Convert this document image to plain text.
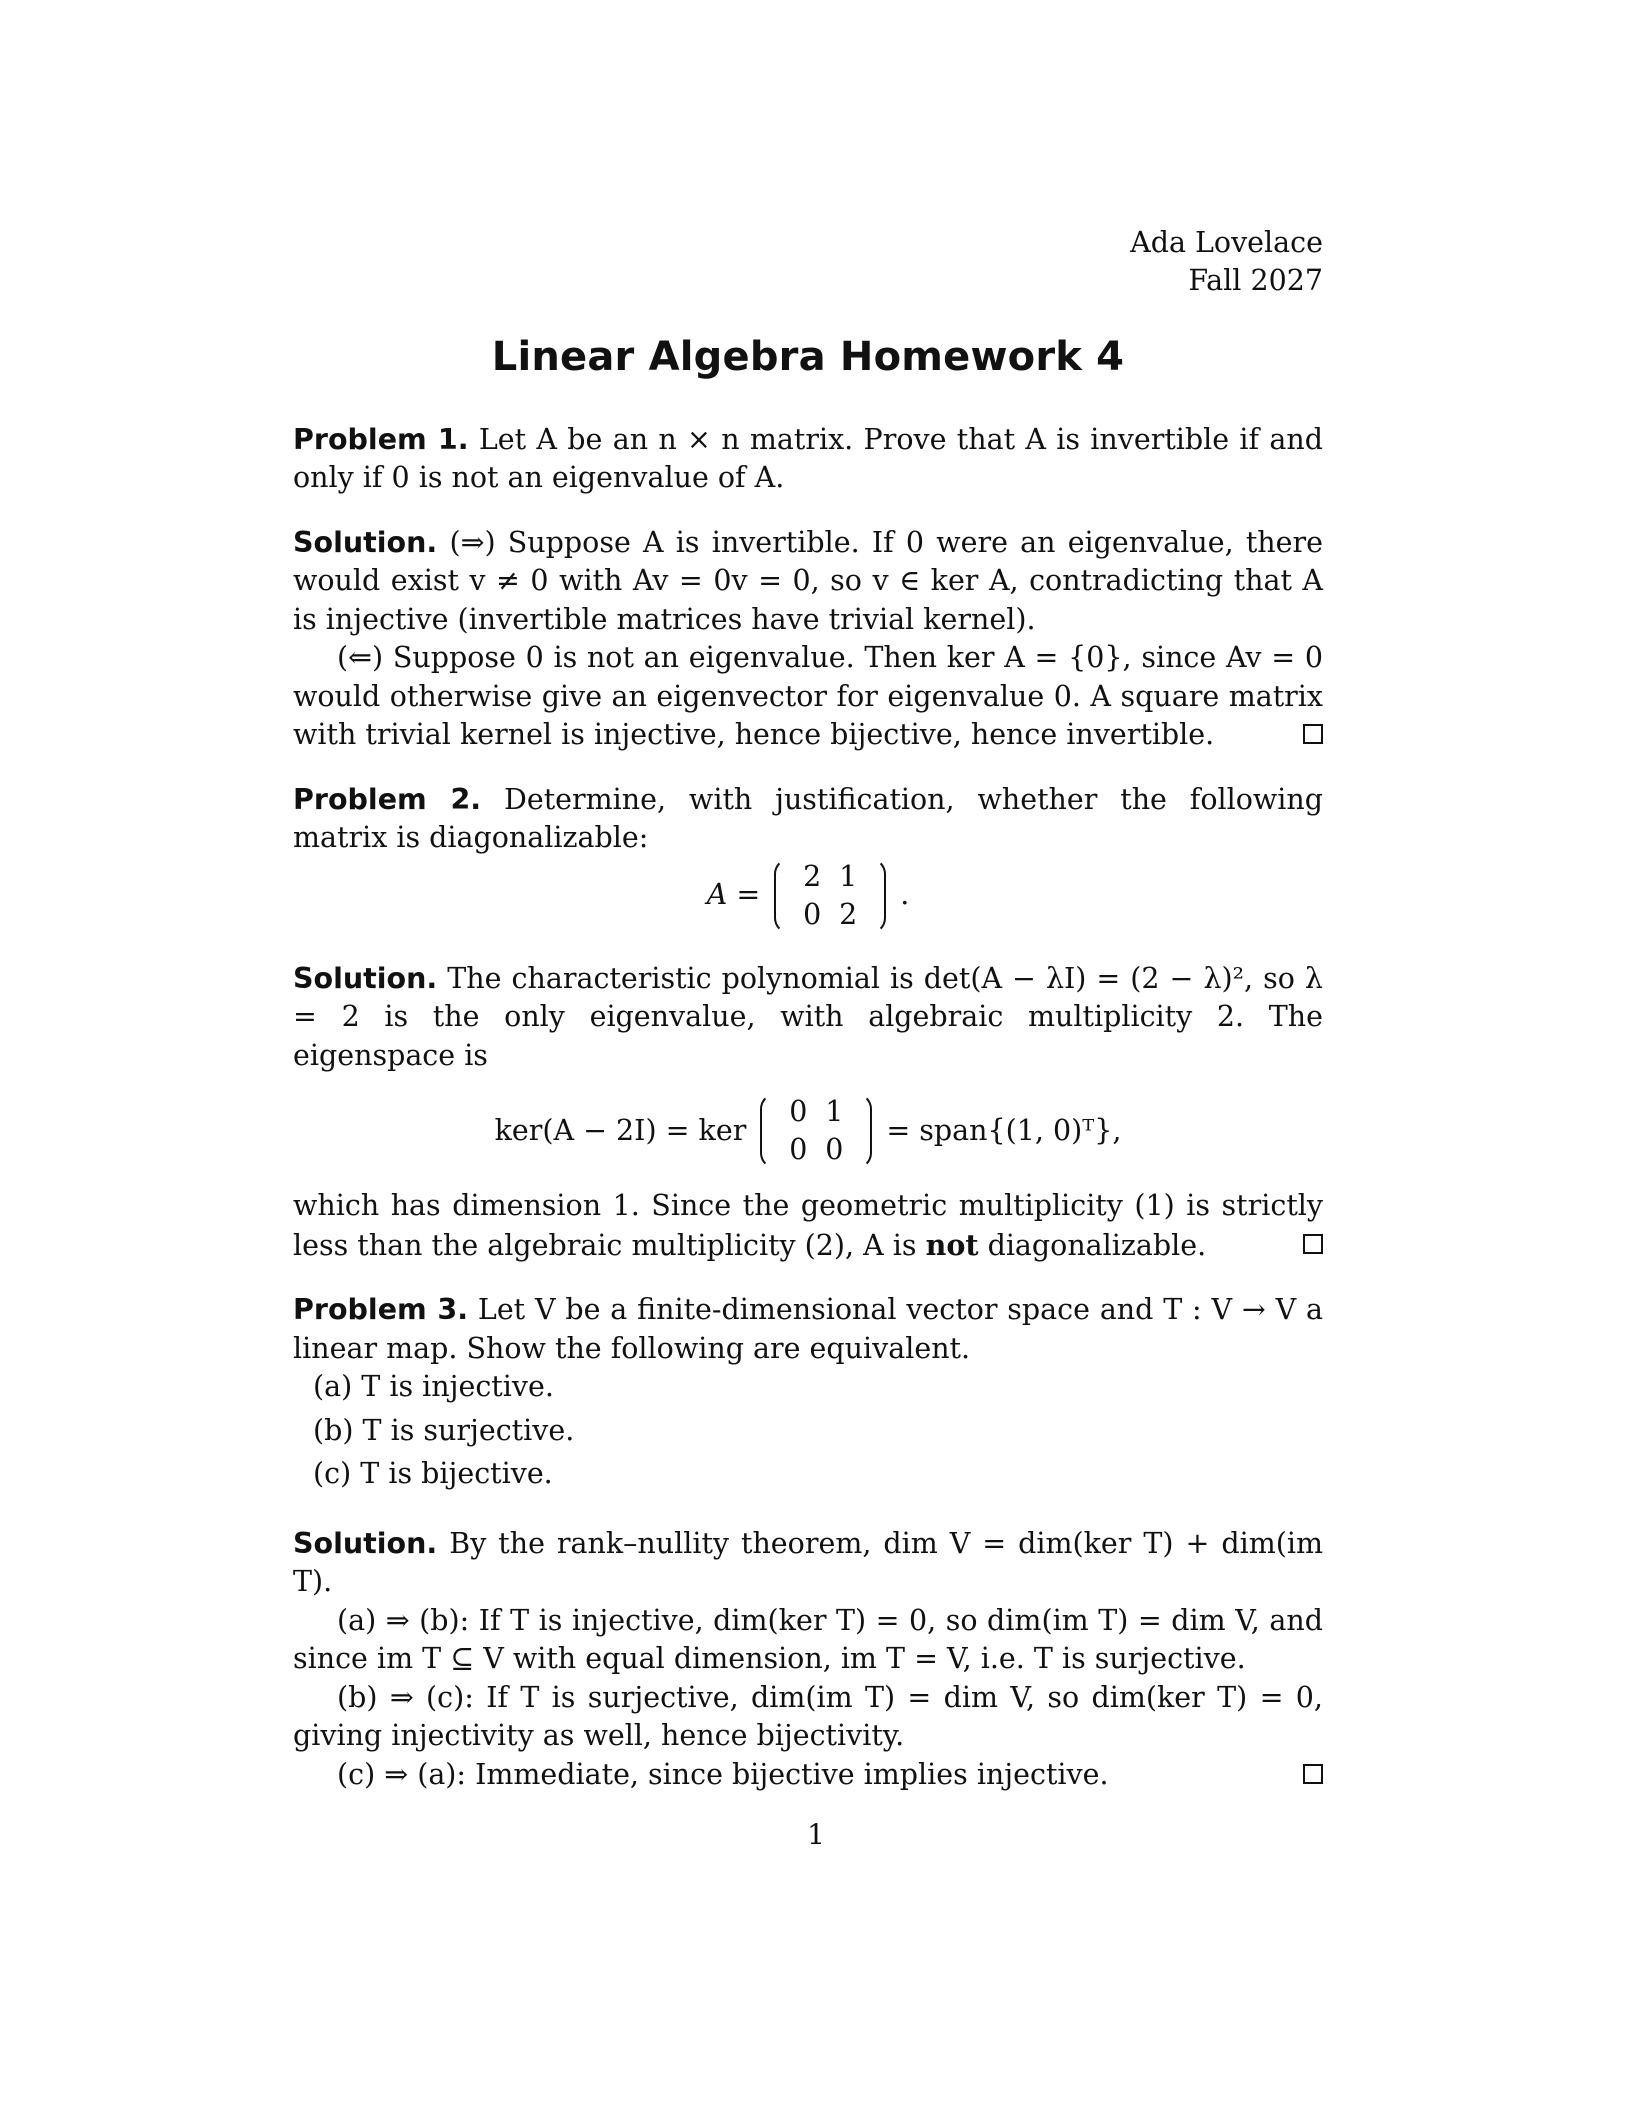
Ada Lovelace
Fall 2027
Linear Algebra Homework 4

Problem 1. Let A be an n × n matrix. Prove that A is invertible if and only if 0 is not an eigenvalue of A.

Solution. (⇒) Suppose A is invertible. If 0 were an eigenvalue, there would exist v ≠ 0 with Av = 0v = 0, so v ∈ ker A, contradicting that A is injective (invertible matrices have trivial kernel).

(⇐) Suppose 0 is not an eigenvalue. Then ker A = {0}, since Av = 0 would otherwise give an eigenvector for eigenvalue 0. A square matrix with trivial kernel is injective, hence bijective, hence invertible.

Problem 2. Determine, with justification, whether the following matrix is diagonalizable:

A =
2 1
0 2
.

Solution. The characteristic polynomial is det(A − λI) = (2 − λ)², so λ = 2 is the only eigenvalue, with algebraic multiplicity 2. The eigenspace is

ker(A − 2I) = ker
0 1
0 0
= span{(1, 0)ᵀ},

which has dimension 1. Since the geometric multiplicity (1) is strictly less than the algebraic multiplicity (2), A is not diagonalizable.

Problem 3. Let V be a finite-dimensional vector space and T : V → V a linear map. Show the following are equivalent.

(a) T is injective.
(b) T is surjective.
(c) T is bijective.

Solution. By the rank–nullity theorem, dim V = dim(ker T) + dim(im T).

(a) ⇒ (b): If T is injective, dim(ker T) = 0, so dim(im T) = dim V, and since im T ⊆ V with equal dimension, im T = V, i.e. T is surjective.

(b) ⇒ (c): If T is surjective, dim(im T) = dim V, so dim(ker T) = 0, giving injectivity as well, hence bijectivity.

(c) ⇒ (a): Immediate, since bijective implies injective.

1
